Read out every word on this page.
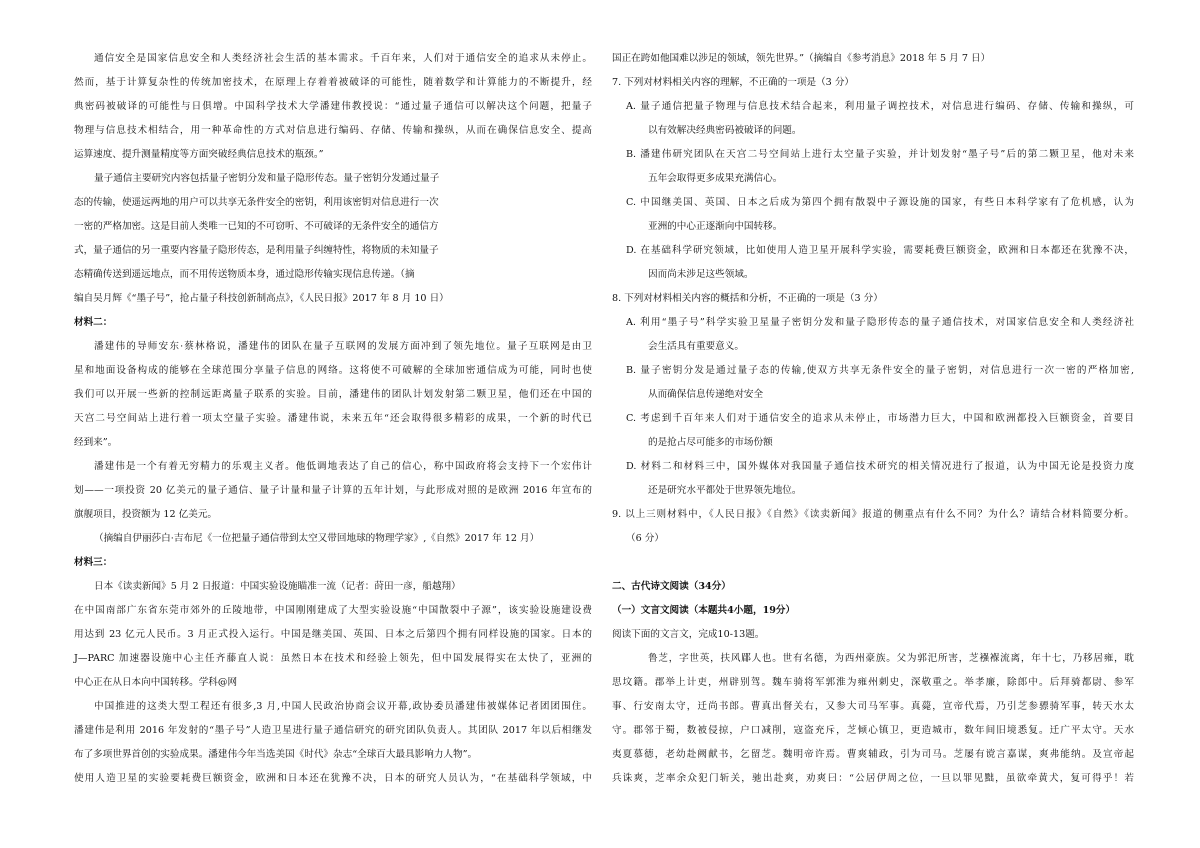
通信安全是国家信息安全和人类经济社会生活的基本需求。千百年来，人们对于通信安全的追求从未停止。
然而，基于计算复杂性的传统加密技术，在原理上存着着被破译的可能性，随着数学和计算能力的不断提升，经
典密码被破译的可能性与日俱增。中国科学技术大学潘建伟教授说：“通过量子通信可以解决这个问题，把量子
物理与信息技术相结合，用一种革命性的方式对信息进行编码、存储、传输和操纵，从而在确保信息安全、提高
运算速度、提升测量精度等方面突破经典信息技术的瓶颈。”
量子通信主要研究内容包括量子密钥分发和量子隐形传态。量子密钥分发通过量子
态的传输，使遥远两地的用户可以共享无条件安全的密钥，利用该密钥对信息进行一次
一密的严格加密。这是目前人类唯一已知的不可窃听、不可破译的无条件安全的通信方
式，量子通信的另一重要内容量子隐形传态，是利用量子纠缠特性，将物质的未知量子
态精确传送到遥远地点，而不用传送物质本身，通过隐形传输实现信息传递。（摘
编自吴月辉《“墨子号”，抢占量子科技创新制高点》，《人民日报》2017 年 8 月 10 日）
材料二：
潘建伟的导师安东·蔡林格说，潘建伟的团队在量子互联网的发展方面冲到了领先地位。量子互联网是由卫
星和地面设备构成的能够在全球范围分享量子信息的网络。这将使不可破解的全球加密通信成为可能，同时也使
我们可以开展一些新的控制远距离量子联系的实验。目前，潘建伟的团队计划发射第二颗卫星，他们还在中国的
天宫二号空间站上进行着一项太空量子实验。潘建伟说，未来五年“还会取得很多精彩的成果，一个新的时代已
经到来”。
潘建伟是一个有着无穷精力的乐观主义者。他低调地表达了自己的信心，称中国政府将会支持下一个宏伟计
划——一项投资 20 亿美元的量子通信、量子计量和量子计算的五年计划，与此形成对照的是欧洲 2016 年宣布的
旗舰项目，投资额为 12 亿美元。
（摘编自伊丽莎白·吉布尼《一位把量子通信带到太空又带回地球的物理学家》,《自然》2017 年 12 月）
材料三：
日本《读卖新闻》5 月 2 日报道：中国实验设施瞄准一流（记者：莳田一彦，船越翔）
在中国南部广东省东莞市郊外的丘陵地带，中国刚刚建成了大型实验设施“中国散裂中子源”，该实验设施建设费
用达到 23 亿元人民币。3 月正式投入运行。中国是继美国、英国、日本之后第四个拥有同样设施的国家。日本的
J—PARC 加速器设施中心主任齐藤直人说：虽然日本在技术和经验上领先，但中国发展得实在太快了，亚洲的
中心正在从日本向中国转移。学科@网
中国推进的这类大型工程还有很多,3 月,中国人民政治协商会议开幕,政协委员潘建伟被媒体记者团团围住。
潘建伟是利用 2016 年发射的“墨子号”人造卫星进行量子通信研究的研究团队负责人。其团队 2017 年以后相继发
布了多项世界首创的实验成果。潘建伟今年当选美国《时代》杂志“全球百大最具影响力人物”。
使用人造卫星的实验要耗费巨额资金，欧洲和日本还在犹豫不决，日本的研究人员认为，“在基础科学领域，中
国正在跨如他国难以涉足的领域，领先世界。”（摘编自《参考消息》2018 年 5 月 7 日）
7. 下列对材料相关内容的理解，不正确的一项是（3 分）
A. 量子通信把量子物理与信息技术结合起来，利用量子调控技术，对信息进行编码、存储、传输和操纵，可
以有效解决经典密码被破译的问题。
B. 潘建伟研究团队在天宫二号空间站上进行太空量子实验，并计划发射“墨子号”后的第二颗卫星，他对未来
五年会取得更多成果充满信心。
C. 中国继美国、英国、日本之后成为第四个拥有散裂中子源设施的国家，有些日本科学家有了危机感，认为
亚洲的中心正逐渐向中国转移。
D. 在基础科学研究领域，比如使用人造卫星开展科学实验，需要耗费巨额资金，欧洲和日本都还在犹豫不决，
因而尚未涉足这些领域。
8. 下列对材料相关内容的概括和分析，不正确的一项是（3 分）
A. 利用“墨子号”科学实验卫星量子密钥分发和量子隐形传态的量子通信技术，对国家信息安全和人类经济社
会生活具有重要意义。
B. 量子密钥分发是通过量子态的传输,使双方共享无条件安全的量子密钥，对信息进行一次一密的严格加密,
从而确保信息传递绝对安全
C. 考虑到千百年来人们对于通信安全的追求从未停止，市场潜力巨大，中国和欧洲都投入巨额资金，首要目
的是抢占尽可能多的市场份额
D. 材料二和材料三中，国外媒体对我国量子通信技术研究的相关情况进行了报道，认为中国无论是投资力度
还是研究水平都处于世界领先地位。
9. 以上三则材料中，《人民日报》《自然》《读卖新闻》报道的侧重点有什么不同？为什么？请结合材料简要分析。
（6 分）
二、古代诗文阅读（34分）
（一）文言文阅读（本题共4小题，19分）
阅读下面的文言文，完成10-13题。
鲁芝，字世英，扶风郿人也。世有名德，为西州豪族。父为郭汜所害，芝襁褓流离，年十七，乃移居雍，耽
思坟籍。郡举上计吏，州辟别驾。魏车骑将军郭淮为雍州刺史，深敬重之。举孝廉，除郎中。后拜骑都尉、参军
事、行安南太守，迁尚书郎。曹真出督关右，又参大司马军事。真薨，宣帝代焉，乃引芝参骠骑军事，转天水太
守。郡邻于蜀，数被侵掠，户口减削，寇盗充斥，芝倾心镇卫，更造城市，数年间旧境悉复。迁广平太守。天水
夷夏慕德，老幼赴阙献书，乞留芝。魏明帝许焉。曹爽辅政，引为司马。芝屡有谠言嘉谋，爽弗能纳。及宣帝起
兵诛爽，芝率余众犯门斩关，驰出赴爽，劝爽曰：“公居伊周之位，一旦以罪见黜，虽欲牵黄犬，复可得乎！若
